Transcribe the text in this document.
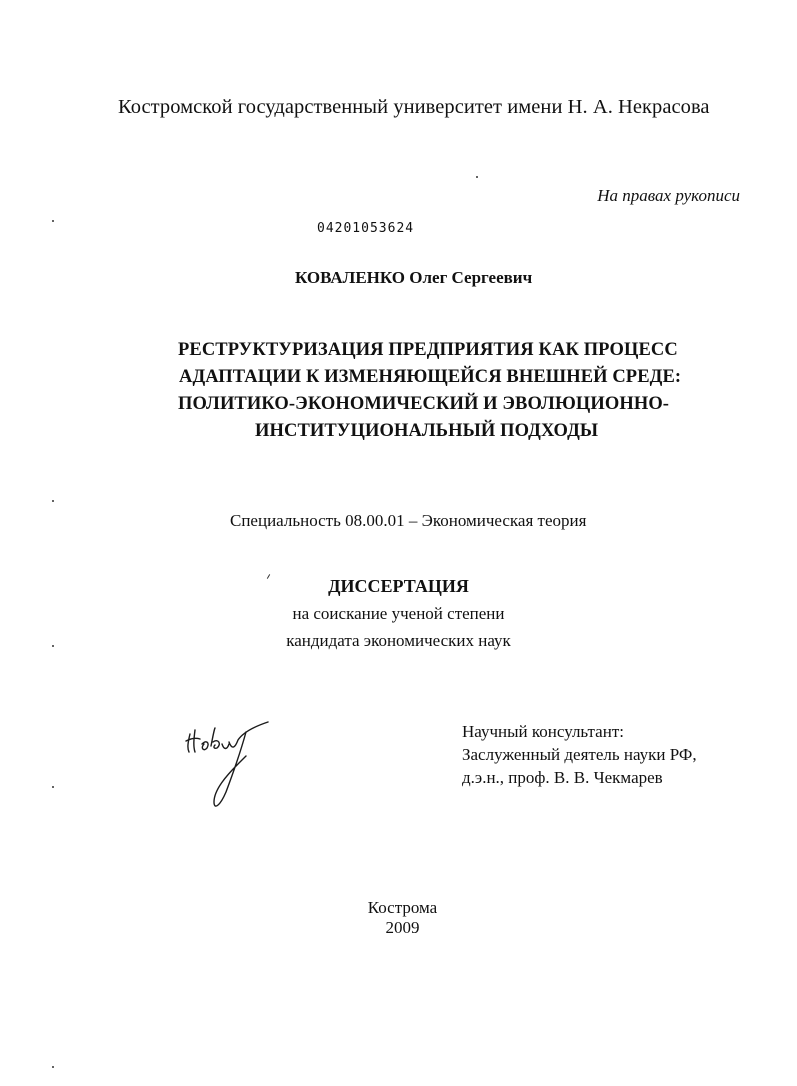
Костромской государственный университет имени Н. А. Некрасова

На правах рукописи

04201053624

КОВАЛЕНКО Олег Сергеевич

РЕСТРУКТУРИЗАЦИЯ ПРЕДПРИЯТИЯ КАК ПРОЦЕСС

АДАПТАЦИИ К ИЗМЕНЯЮЩЕЙСЯ ВНЕШНЕЙ СРЕДЕ:

ПОЛИТИКО-ЭКОНОМИЧЕСКИЙ И ЭВОЛЮЦИОННО-

ИНСТИТУЦИОНАЛЬНЫЙ ПОДХОДЫ

Специальность 08.00.01 – Экономическая теория

ДИССЕРТАЦИЯ

на соискание ученой степени

кандидата экономических наук

Научный консультант:

Заслуженный деятель науки РФ,

д.э.н., проф. В. В. Чекмарев

Кострома

2009
